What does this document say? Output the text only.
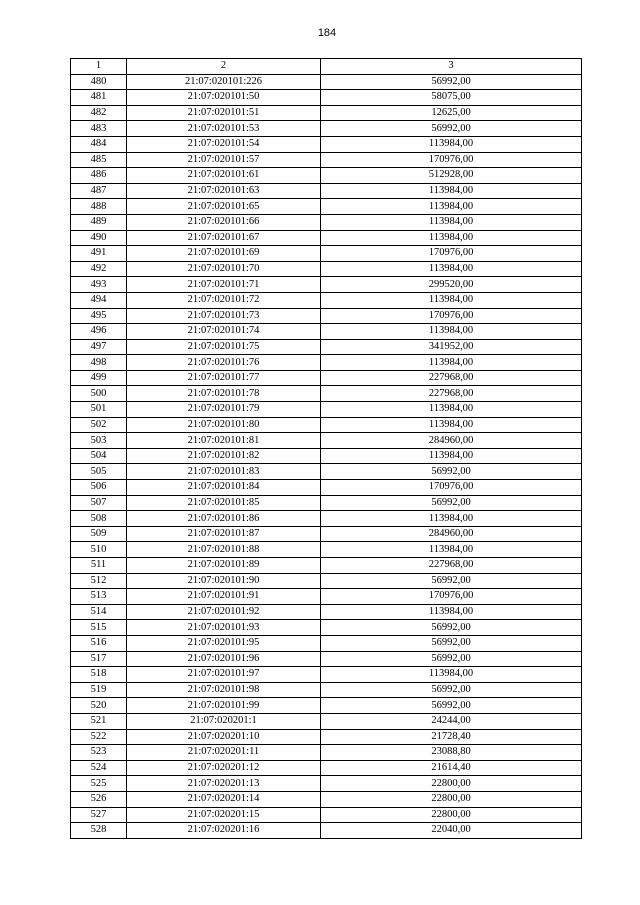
184
1	2	3
480	21:07:020101:226	56992,00
481	21:07:020101:50	58075,00
482	21:07:020101:51	12625,00
483	21:07:020101:53	56992,00
484	21:07:020101:54	113984,00
485	21:07:020101:57	170976,00
486	21:07:020101:61	512928,00
487	21:07:020101:63	113984,00
488	21:07:020101:65	113984,00
489	21:07:020101:66	113984,00
490	21:07:020101:67	113984,00
491	21:07:020101:69	170976,00
492	21:07:020101:70	113984,00
493	21:07:020101:71	299520,00
494	21:07:020101:72	113984,00
495	21:07:020101:73	170976,00
496	21:07:020101:74	113984,00
497	21:07:020101:75	341952,00
498	21:07:020101:76	113984,00
499	21:07:020101:77	227968,00
500	21:07:020101:78	227968,00
501	21:07:020101:79	113984,00
502	21:07:020101:80	113984,00
503	21:07:020101:81	284960,00
504	21:07:020101:82	113984,00
505	21:07:020101:83	56992,00
506	21:07:020101:84	170976,00
507	21:07:020101:85	56992,00
508	21:07:020101:86	113984,00
509	21:07:020101:87	284960,00
510	21:07:020101:88	113984,00
511	21:07:020101:89	227968,00
512	21:07:020101:90	56992,00
513	21:07:020101:91	170976,00
514	21:07:020101:92	113984,00
515	21:07:020101:93	56992,00
516	21:07:020101:95	56992,00
517	21:07:020101:96	56992,00
518	21:07:020101:97	113984,00
519	21:07:020101:98	56992,00
520	21:07:020101:99	56992,00
521	21:07:020201:1	24244,00
522	21:07:020201:10	21728,40
523	21:07:020201:11	23088,80
524	21:07:020201:12	21614,40
525	21:07:020201:13	22800,00
526	21:07:020201:14	22800,00
527	21:07:020201:15	22800,00
528	21:07:020201:16	22040,00
